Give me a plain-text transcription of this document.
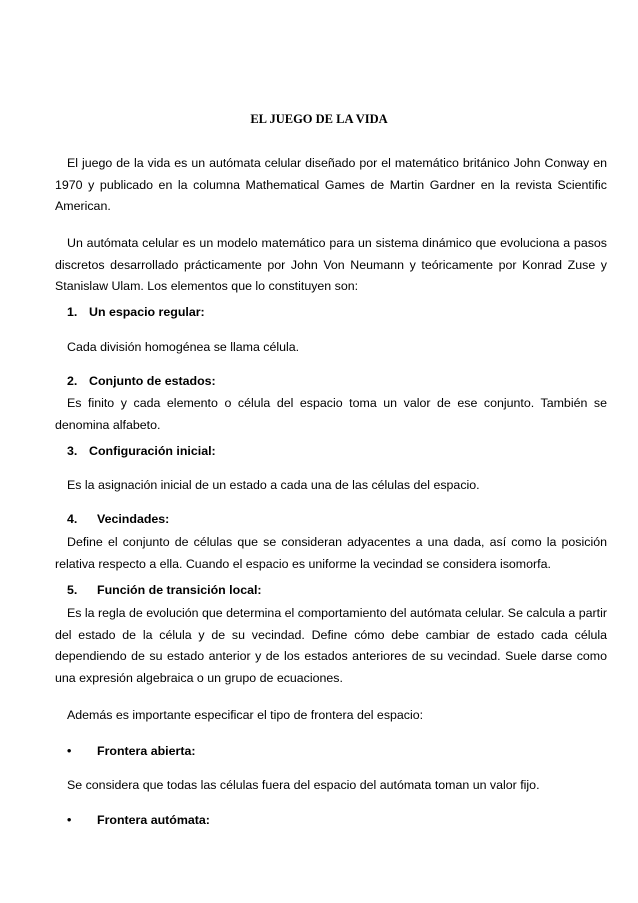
EL JUEGO DE LA VIDA

El juego de la vida es un autómata celular diseñado por el matemático británico John Conway en 1970 y publicado en la columna Mathematical Games de Martin Gardner en la revista Scientific American.

Un autómata celular es un modelo matemático para un sistema dinámico que evoluciona a pasos discretos desarrollado prácticamente por John Von Neumann y teóricamente por Konrad Zuse y Stanislaw Ulam. Los elementos que lo constituyen son:

1. Un espacio regular:

Cada división homogénea se llama célula.

2. Conjunto de estados:

Es finito y cada elemento o célula del espacio toma un valor de ese conjunto. También se denomina alfabeto.

3. Configuración inicial:

Es la asignación inicial de un estado a cada una de las células del espacio.

4. Vecindades:

Define el conjunto de células que se consideran adyacentes a una dada, así como la posición relativa respecto a ella. Cuando el espacio es uniforme la vecindad se considera isomorfa.

5. Función de transición local:

Es la regla de evolución que determina el comportamiento del autómata celular. Se calcula a partir del estado de la célula y de su vecindad. Define cómo debe cambiar de estado cada célula dependiendo de su estado anterior y de los estados anteriores de su vecindad. Suele darse como una expresión algebraica o un grupo de ecuaciones.

Además es importante especificar el tipo de frontera del espacio:

• Frontera abierta:

Se considera que todas las células fuera del espacio del autómata toman un valor fijo.

• Frontera autómata:
